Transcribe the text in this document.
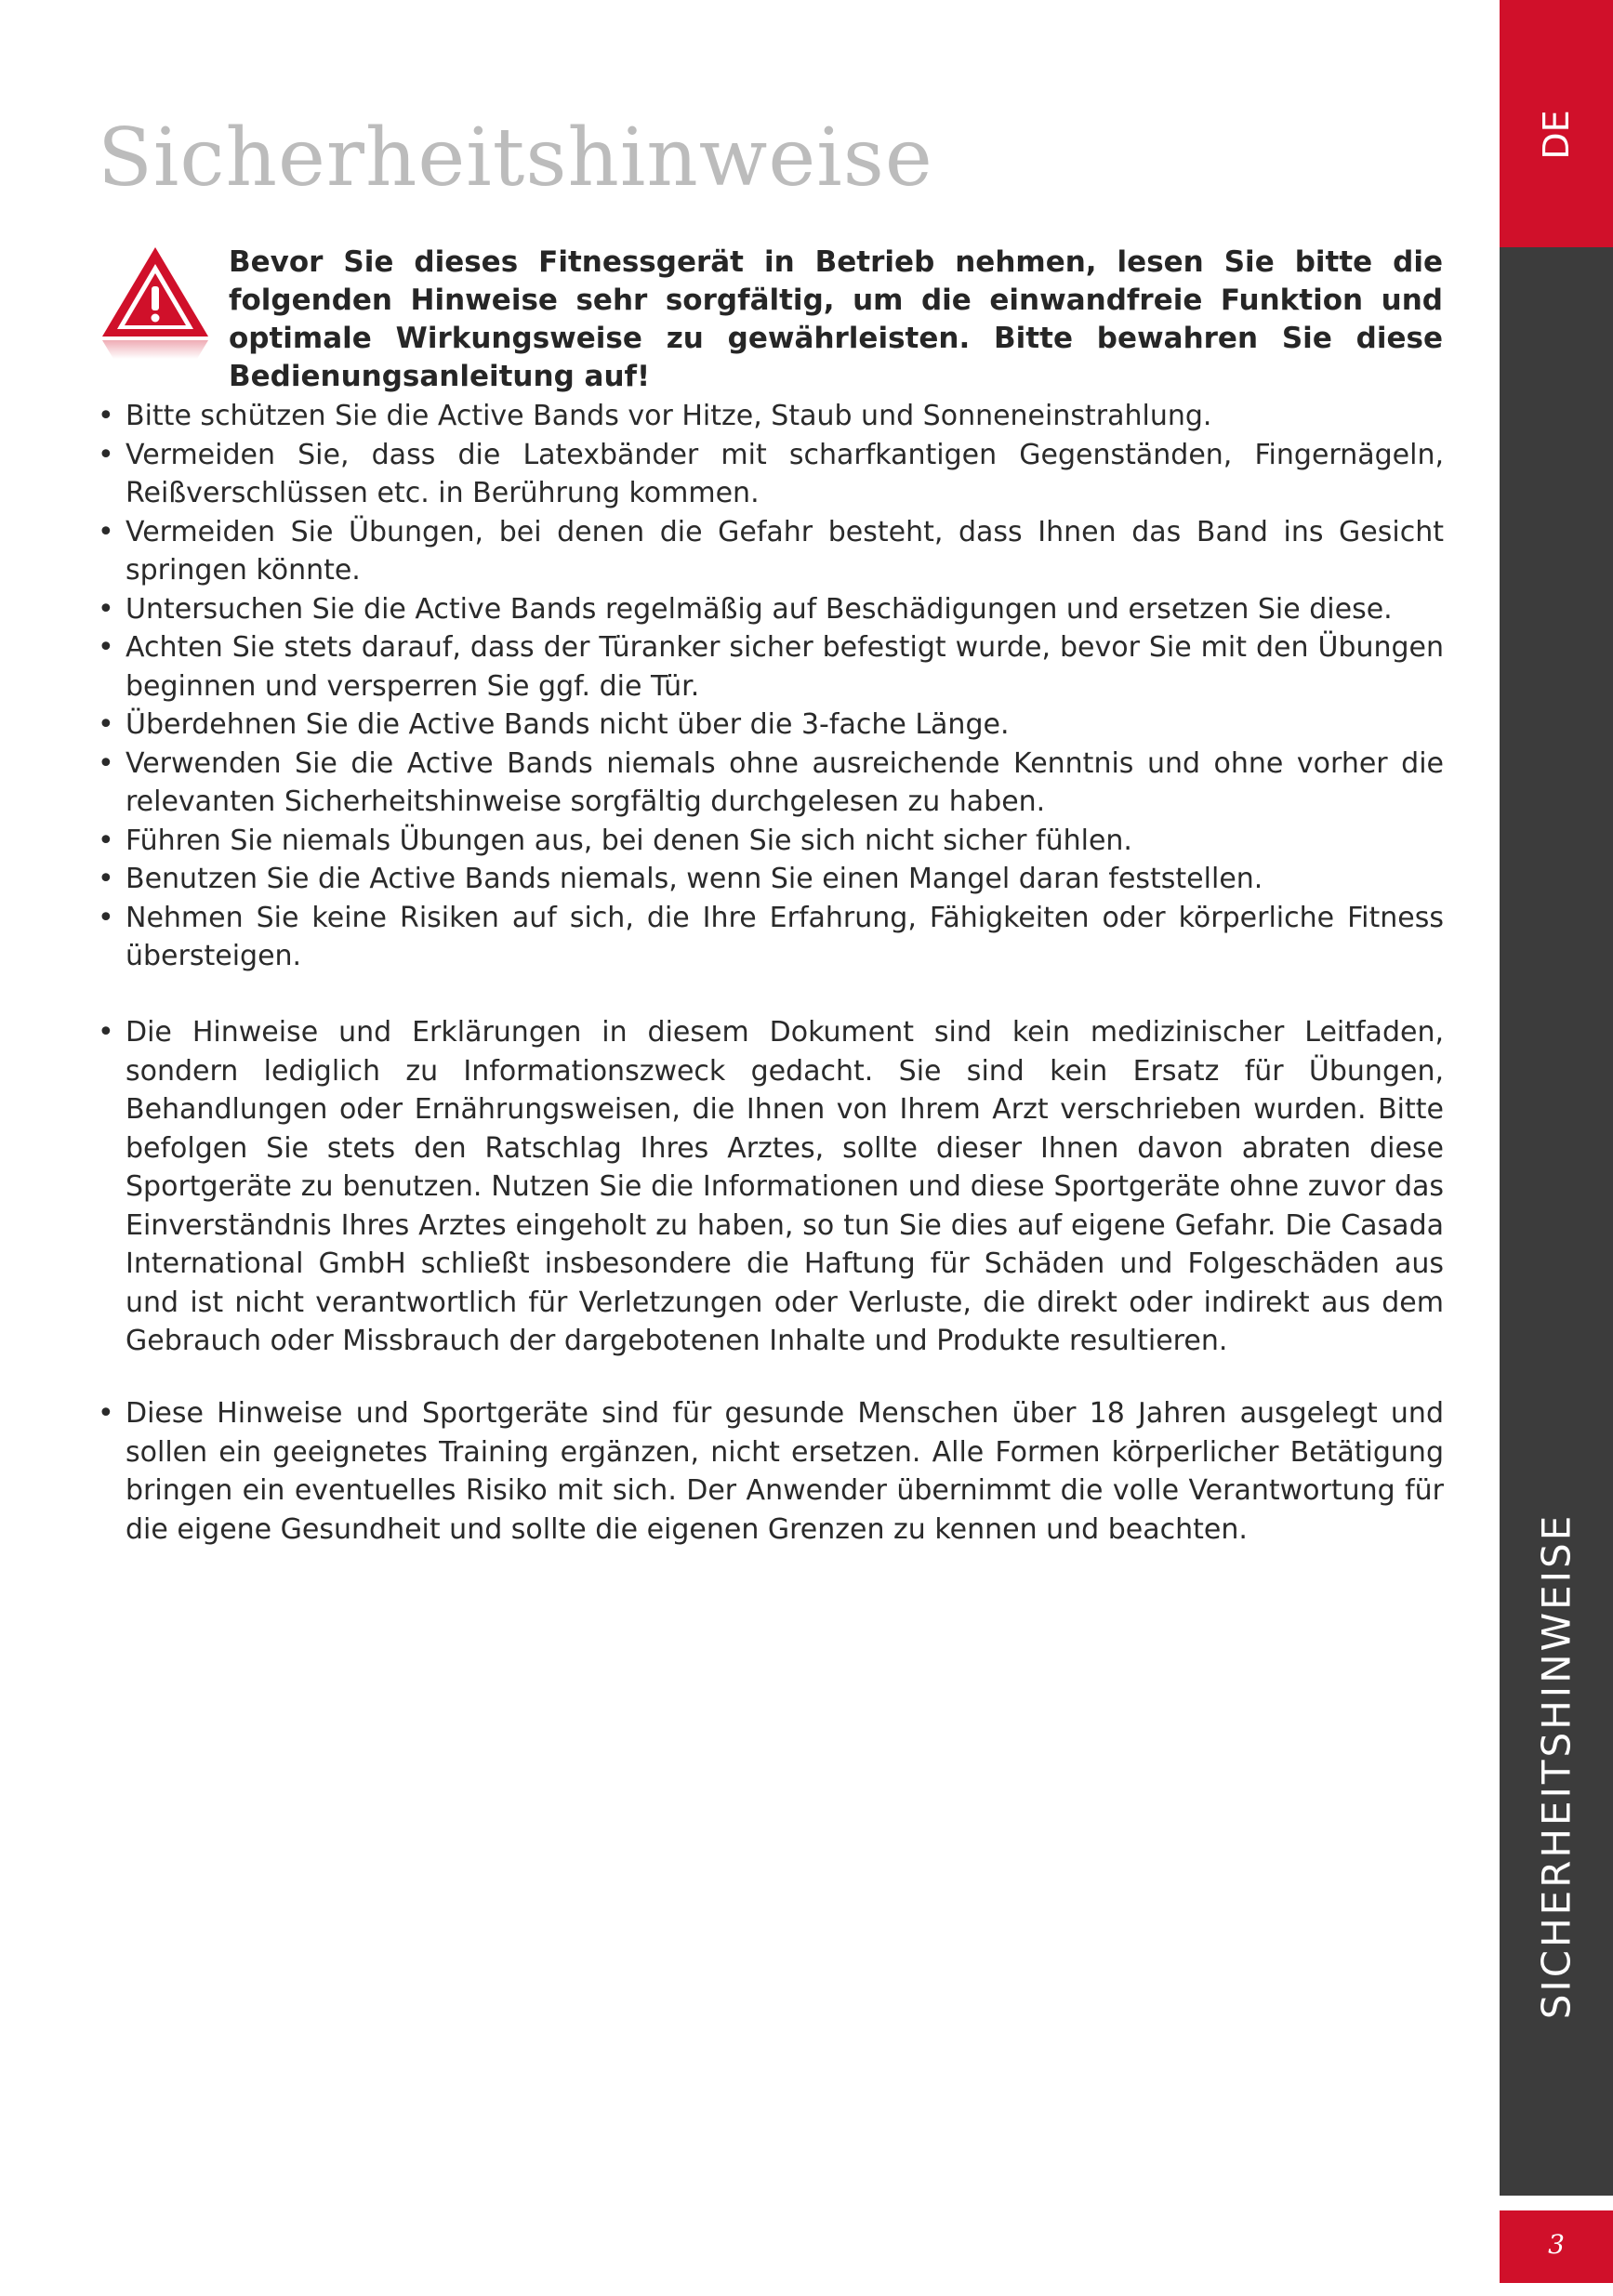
Sicherheitshinweise

Bevor Sie dieses Fitnessgerät in Betrieb nehmen, lesen Sie bitte die folgenden Hinweise sehr sorgfältig, um die einwandfreie Funktion und optimale Wirkungsweise zu gewährleisten. Bitte bewahren Sie diese Bedienungsanleitung auf!

• Bitte schützen Sie die Active Bands vor Hitze, Staub und Sonneneinstrahlung.
• Vermeiden Sie, dass die Latexbänder mit scharfkantigen Gegenständen, Fingernägeln, Reißverschlüssen etc. in Berührung kommen.
• Vermeiden Sie Übungen, bei denen die Gefahr besteht, dass Ihnen das Band ins Gesicht springen könnte.
• Untersuchen Sie die Active Bands regelmäßig auf Beschädigungen und ersetzen Sie diese.
• Achten Sie stets darauf, dass der Türanker sicher befestigt wurde, bevor Sie mit den Übungen beginnen und versperren Sie ggf. die Tür.
• Überdehnen Sie die Active Bands nicht über die 3-fache Länge.
• Verwenden Sie die Active Bands niemals ohne ausreichende Kenntnis und ohne vorher die relevanten Sicherheitshinweise sorgfältig durchgelesen zu haben.
• Führen Sie niemals Übungen aus, bei denen Sie sich nicht sicher fühlen.
• Benutzen Sie die Active Bands niemals, wenn Sie einen Mangel daran feststellen.
• Nehmen Sie keine Risiken auf sich, die Ihre Erfahrung, Fähigkeiten oder körperliche Fitness übersteigen.
• Die Hinweise und Erklärungen in diesem Dokument sind kein medizinischer Leitfaden, sondern lediglich zu Informationszweck gedacht. Sie sind kein Ersatz für Übungen, Behandlungen oder Ernährungsweisen, die Ihnen von Ihrem Arzt verschrieben wurden. Bitte befolgen Sie stets den Ratschlag Ihres Arztes, sollte dieser Ihnen davon abraten diese Sportgeräte zu benutzen. Nutzen Sie die Informationen und diese Sportgeräte ohne zuvor das Einverständnis Ihres Arztes eingeholt zu haben, so tun Sie dies auf eigene Gefahr. Die Casada International GmbH schließt insbesondere die Haftung für Schäden und Folgeschäden aus und ist nicht verantwortlich für Verletzungen oder Verluste, die direkt oder indirekt aus dem Gebrauch oder Missbrauch der dargebotenen Inhalte und Produkte resultieren.
• Diese Hinweise und Sportgeräte sind für gesunde Menschen über 18 Jahren ausgelegt und sollen ein geeignetes Training ergänzen, nicht ersetzen. Alle Formen körperlicher Betätigung bringen ein eventuelles Risiko mit sich. Der Anwender übernimmt die volle Verantwortung für die eigene Gesundheit und sollte die eigenen Grenzen zu kennen und beachten.
DE
SICHERHEITSHINWEISE
3
